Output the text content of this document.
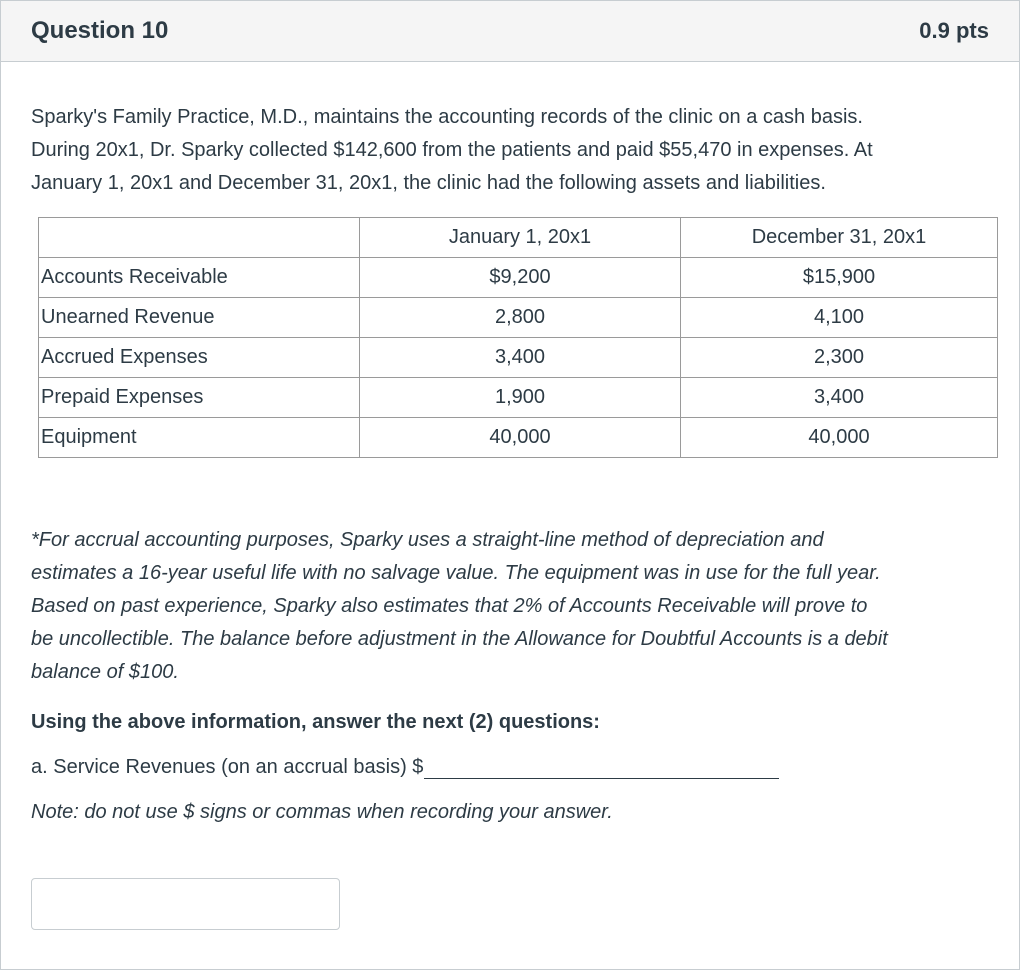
Question 10	0.9 pts

Sparky's Family Practice, M.D., maintains the accounting records of the clinic on a cash basis.
During 20x1, Dr. Sparky collected $142,600 from the patients and paid $55,470 in expenses. At
January 1, 20x1 and December 31, 20x1, the clinic had the following assets and liabilities.

	January 1, 20x1	December 31, 20x1
Accounts Receivable	$9,200	$15,900
Unearned Revenue	2,800	4,100
Accrued Expenses	3,400	2,300
Prepaid Expenses	1,900	3,400
Equipment	40,000	40,000

*For accrual accounting purposes, Sparky uses a straight-line method of depreciation and
estimates a 16-year useful life with no salvage value. The equipment was in use for the full year.
Based on past experience, Sparky also estimates that 2% of Accounts Receivable will prove to
be uncollectible. The balance before adjustment in the Allowance for Doubtful Accounts is a debit
balance of $100.

Using the above information, answer the next (2) questions:

a. Service Revenues (on an accrual basis) $

Note: do not use $ signs or commas when recording your answer.
